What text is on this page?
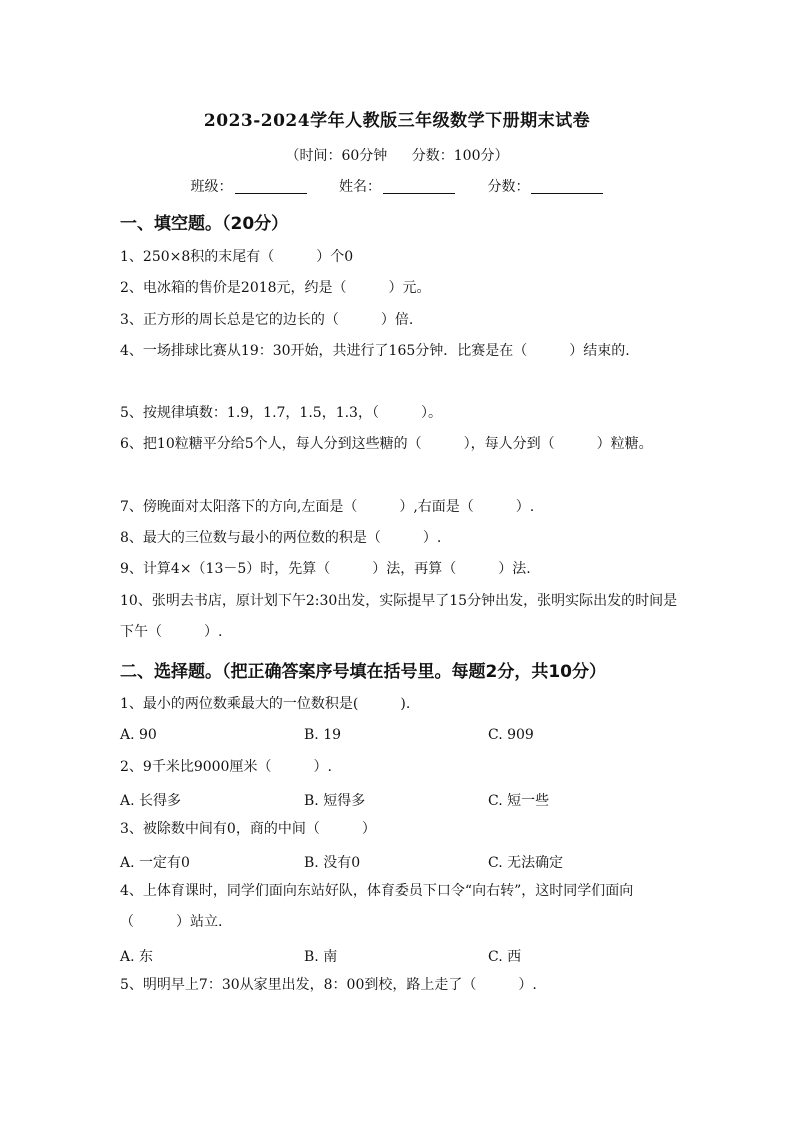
2023-2024学年人教版三年级数学下册期末试卷
（时间：60分钟 分数：100分）
班级：	姓名：	分数：
一、填空题。（20分）
1、250×8积的末尾有（　　　）个0
2、电冰箱的售价是2018元，约是（　　　）元。
3、正方形的周长总是它的边长的（　　　）倍.
4、一场排球比赛从19：30开始，共进行了165分钟．比赛是在（　　　）结束的.
5、按规律填数：1.9，1.7，1.5，1.3，（　　　）。
6、把10粒糖平分给5个人，每人分到这些糖的（　　　），每人分到（　　　）粒糖。
7、傍晚面对太阳落下的方向,左面是（　　　）,右面是（　　　）.
8、最大的三位数与最小的两位数的积是（　　　）.
9、计算4×（13－5）时，先算（　　　）法，再算（　　　）法.
10、张明去书店，原计划下午2:30出发，实际提早了15分钟出发，张明实际出发的时间是下午（　　　）.
二、选择题。（把正确答案序号填在括号里。每题2分，共10分）
1、最小的两位数乘最大的一位数积是(　　　).
A. 90	B. 19	C. 909
2、9千米比9000厘米（　　　）.
A. 长得多	B. 短得多	C. 短一些
3、被除数中间有0，商的中间（　　　）
A. 一定有0	B. 没有0	C. 无法确定
4、上体育课时，同学们面向东站好队，体育委员下口令“向右转”，这时同学们面向（　　　）站立.
A. 东	B. 南	C. 西
5、明明早上7：30从家里出发，8：00到校，路上走了（　　　）.
